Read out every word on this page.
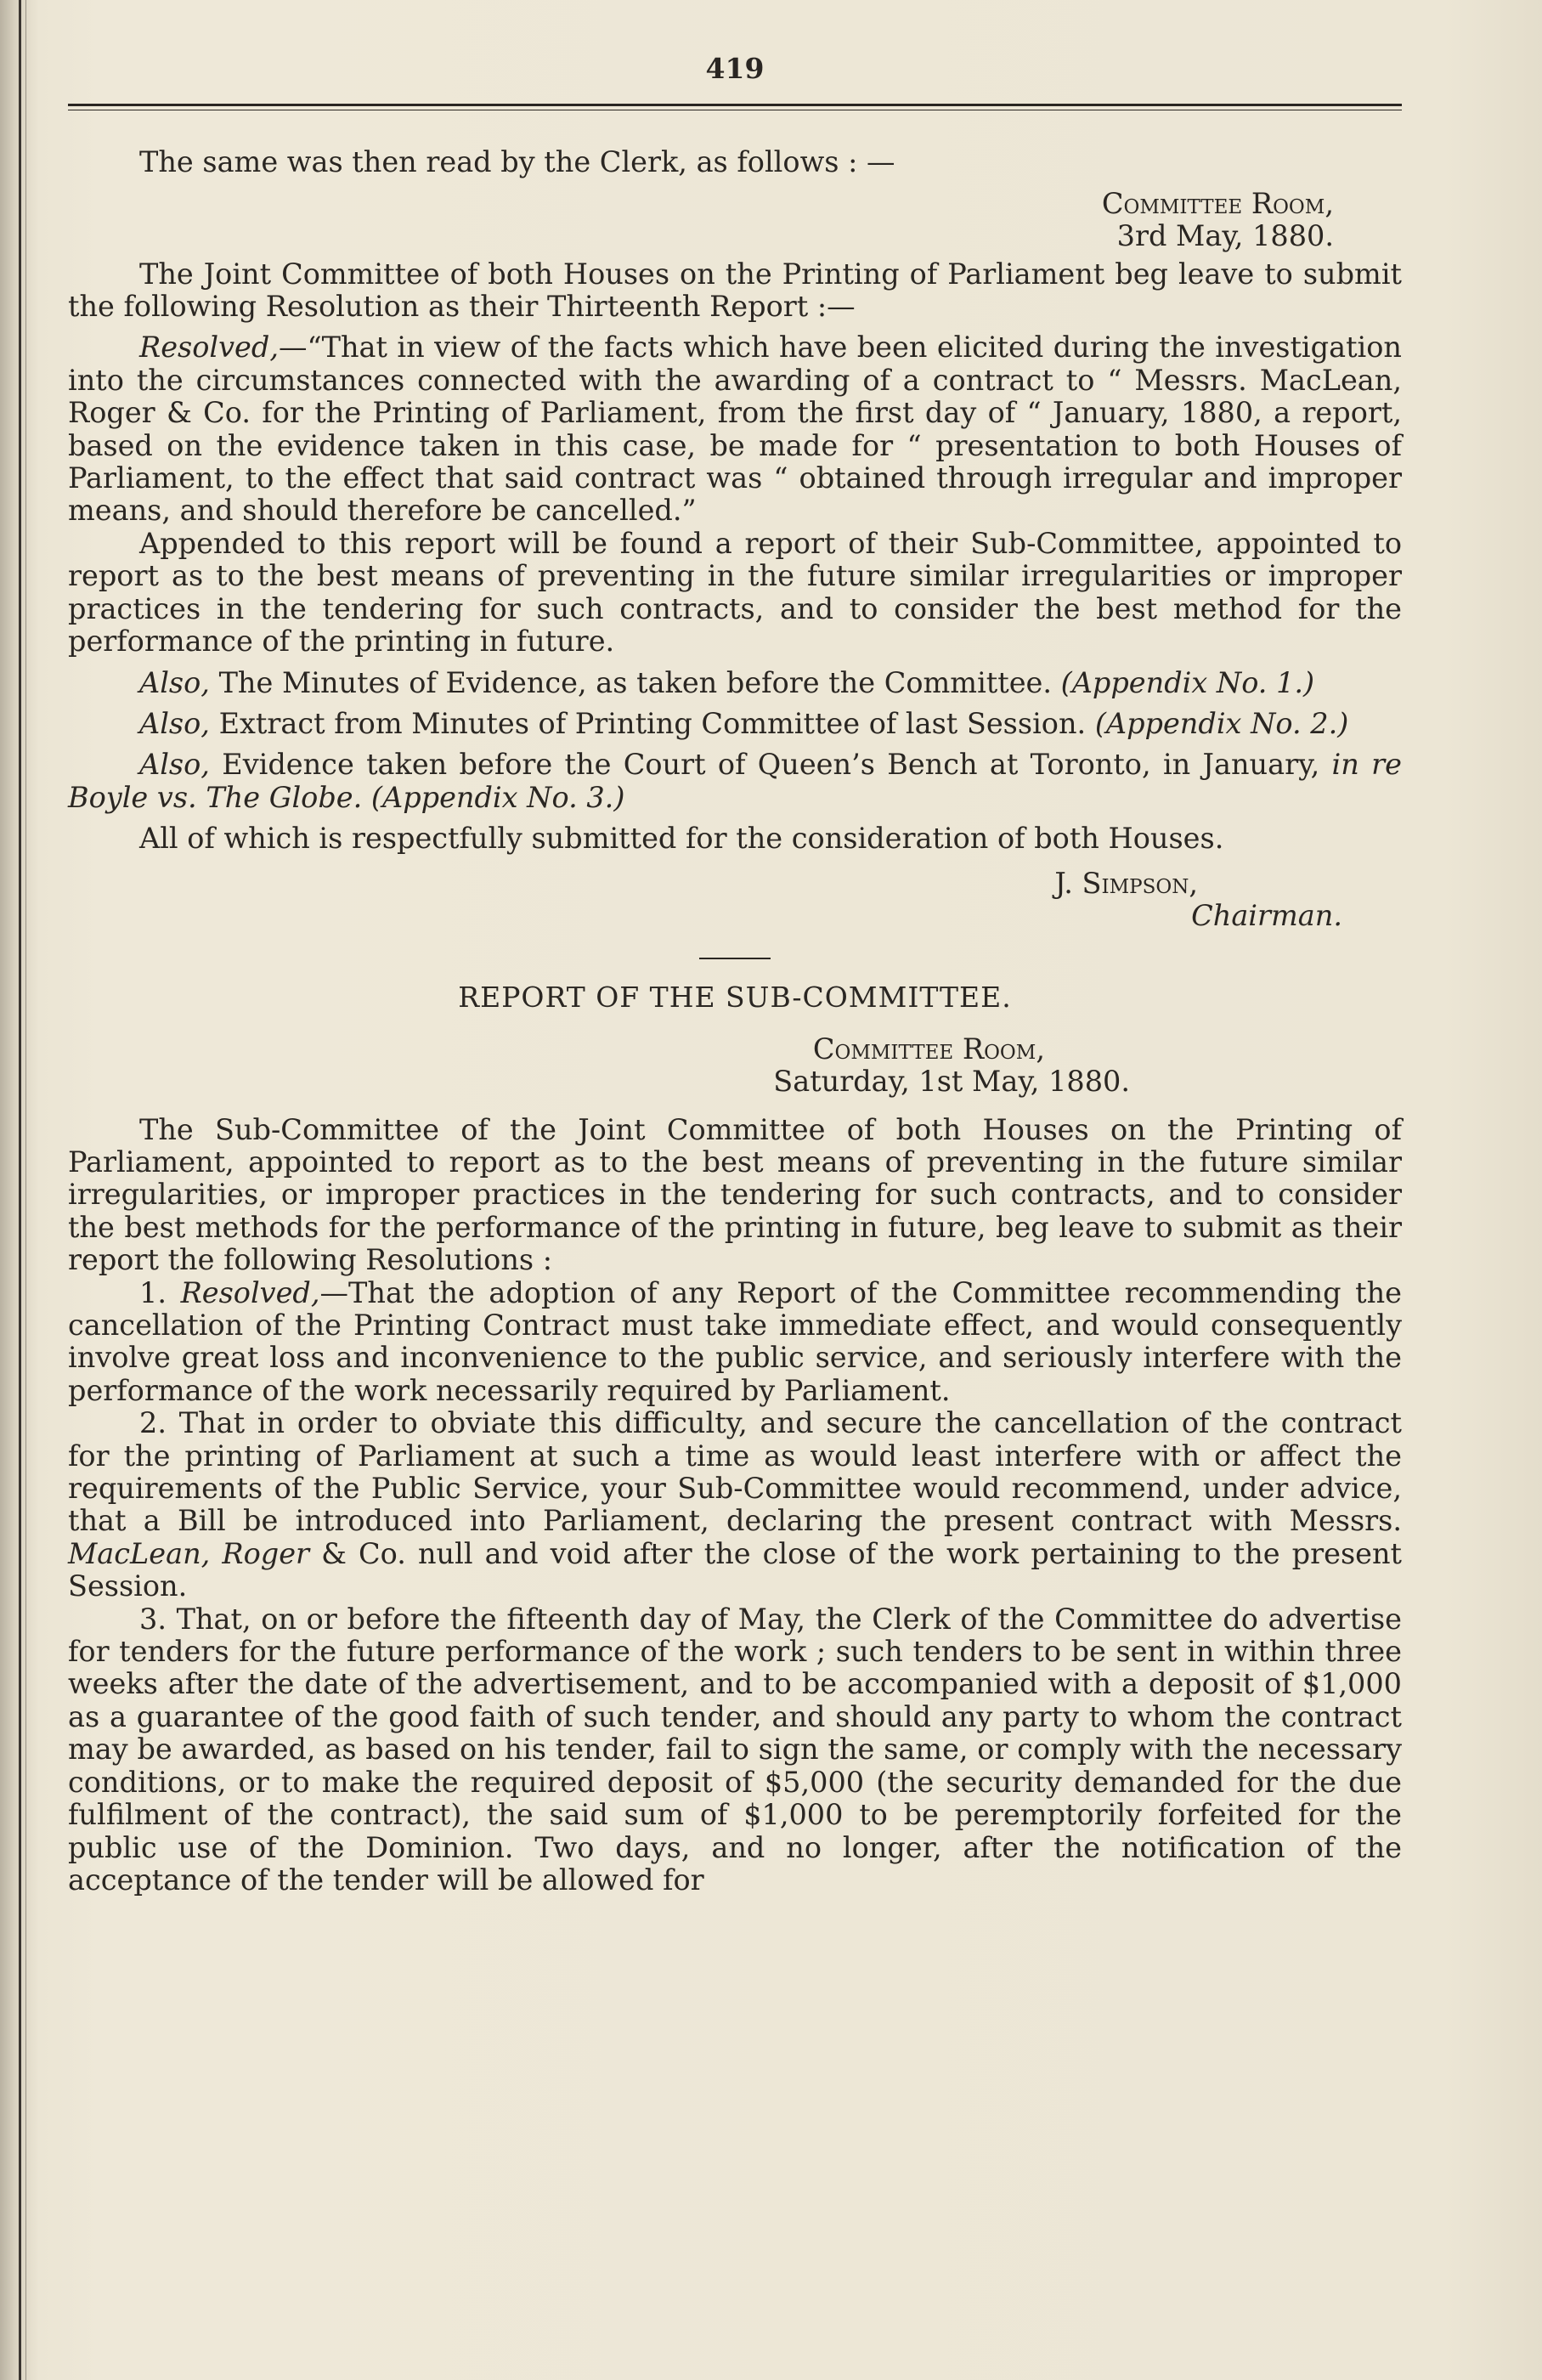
419

The same was then read by the Clerk, as follows : —

Committee Room,

3rd May, 1880.

The Joint Committee of both Houses on the Printing of Parliament beg leave to submit the following Resolution as their Thirteenth Report :—

Resolved,—“That in view of the facts which have been elicited during the investigation into the circumstances connected with the awarding of a contract to “ Messrs. MacLean, Roger & Co. for the Printing of Parliament, from the first day of “ January, 1880, a report, based on the evidence taken in this case, be made for “ presentation to both Houses of Parliament, to the effect that said contract was “ obtained through irregular and improper means, and should therefore be cancelled.”

Appended to this report will be found a report of their Sub-Committee, appointed to report as to the best means of preventing in the future similar irregularities or improper practices in the tendering for such contracts, and to consider the best method for the performance of the printing in future.

Also, The Minutes of Evidence, as taken before the Committee. (Appendix No. 1.)

Also, Extract from Minutes of Printing Committee of last Session. (Appendix No. 2.)

Also, Evidence taken before the Court of Queen’s Bench at Toronto, in January, in re Boyle vs. The Globe. (Appendix No. 3.)

All of which is respectfully submitted for the consideration of both Houses.

J. Simpson,

Chairman.

REPORT OF THE SUB-COMMITTEE.

Committee Room,

Saturday, 1st May, 1880.

The Sub-Committee of the Joint Committee of both Houses on the Printing of Parliament, appointed to report as to the best means of preventing in the future similar irregularities, or improper practices in the tendering for such contracts, and to consider the best methods for the performance of the printing in future, beg leave to submit as their report the following Resolutions :

1. Resolved,—That the adoption of any Report of the Committee recommending the cancellation of the Printing Contract must take immediate effect, and would consequently involve great loss and inconvenience to the public service, and seriously interfere with the performance of the work necessarily required by Parliament.

2. That in order to obviate this difficulty, and secure the cancellation of the contract for the printing of Parliament at such a time as would least interfere with or affect the requirements of the Public Service, your Sub-Committee would recommend, under advice, that a Bill be introduced into Parliament, declaring the present contract with Messrs. MacLean, Roger & Co. null and void after the close of the work pertaining to the present Session.

3. That, on or before the fifteenth day of May, the Clerk of the Committee do advertise for tenders for the future performance of the work ; such tenders to be sent in within three weeks after the date of the advertisement, and to be accompanied with a deposit of $1,000 as a guarantee of the good faith of such tender, and should any party to whom the contract may be awarded, as based on his tender, fail to sign the same, or comply with the necessary conditions, or to make the required deposit of $5,000 (the security demanded for the due fulfilment of the contract), the said sum of $1,000 to be peremptorily forfeited for the public use of the Dominion. Two days, and no longer, after the notification of the acceptance of the tender will be allowed for
